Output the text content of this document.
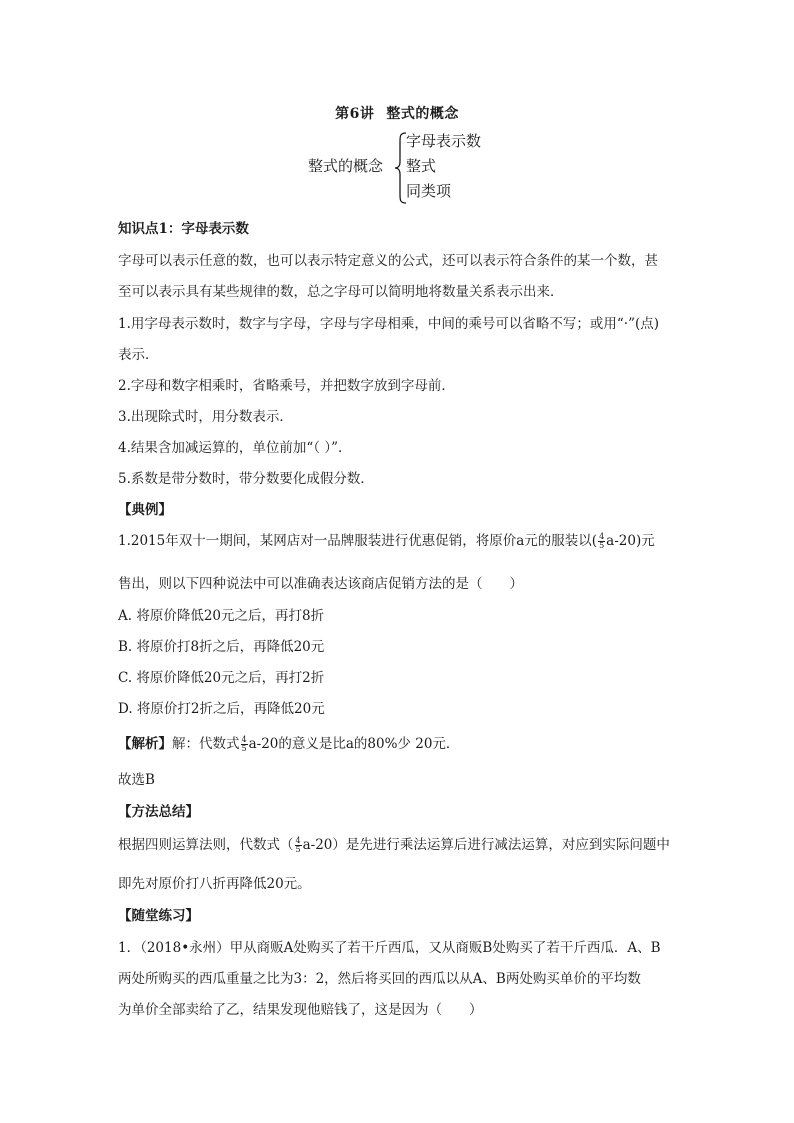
第6讲 整式的概念
整式的概念
字母表示数
整式
同类项
知识点1：字母表示数
字母可以表示任意的数，也可以表示特定意义的公式，还可以表示符合条件的某一个数，甚
至可以表示具有某些规律的数，总之字母可以简明地将数量关系表示出来．
1.用字母表示数时，数字与字母，字母与字母相乘，中间的乘号可以省略不写；或用“·”(点)
表示．
2.字母和数字相乘时，省略乘号，并把数字放到字母前．
3.出现除式时，用分数表示．
4.结果含加减运算的，单位前加“（ ）”．
5.系数是带分数时，带分数要化成假分数．
【典例】
1.2015年双十一期间，某网店对一品牌服装进行优惠促销，将原价a元的服装以( $\frac{4}{5} a-20$)元
售出，则以下四种说法中可以准确表达该商店促销方法的是（　　）
A. 将原价降低20元之后，再打8折
B. 将原价打8折之后，再降低20元
C. 将原价降低20元之后，再打2折
D. 将原价打2折之后，再降低20元
【解析】解：代数式 $\frac{4}{5} a-20$的意义是比a的80%少 20元．
故选B
【方法总结】
根据四则运算法则，代数式（ $\frac{4}{5} a-20$）是先进行乘法运算后进行减法运算，对应到实际问题中
即先对原价打八折再降低20元。
【随堂练习】
1．（2018•永州）甲从商贩A处购买了若干斤西瓜，又从商贩B处购买了若干斤西瓜．A、B
两处所购买的西瓜重量之比为3：2，然后将买回的西瓜以从A、B两处购买单价的平均数
为单价全部卖给了乙，结果发现他赔钱了，这是因为（　　）
